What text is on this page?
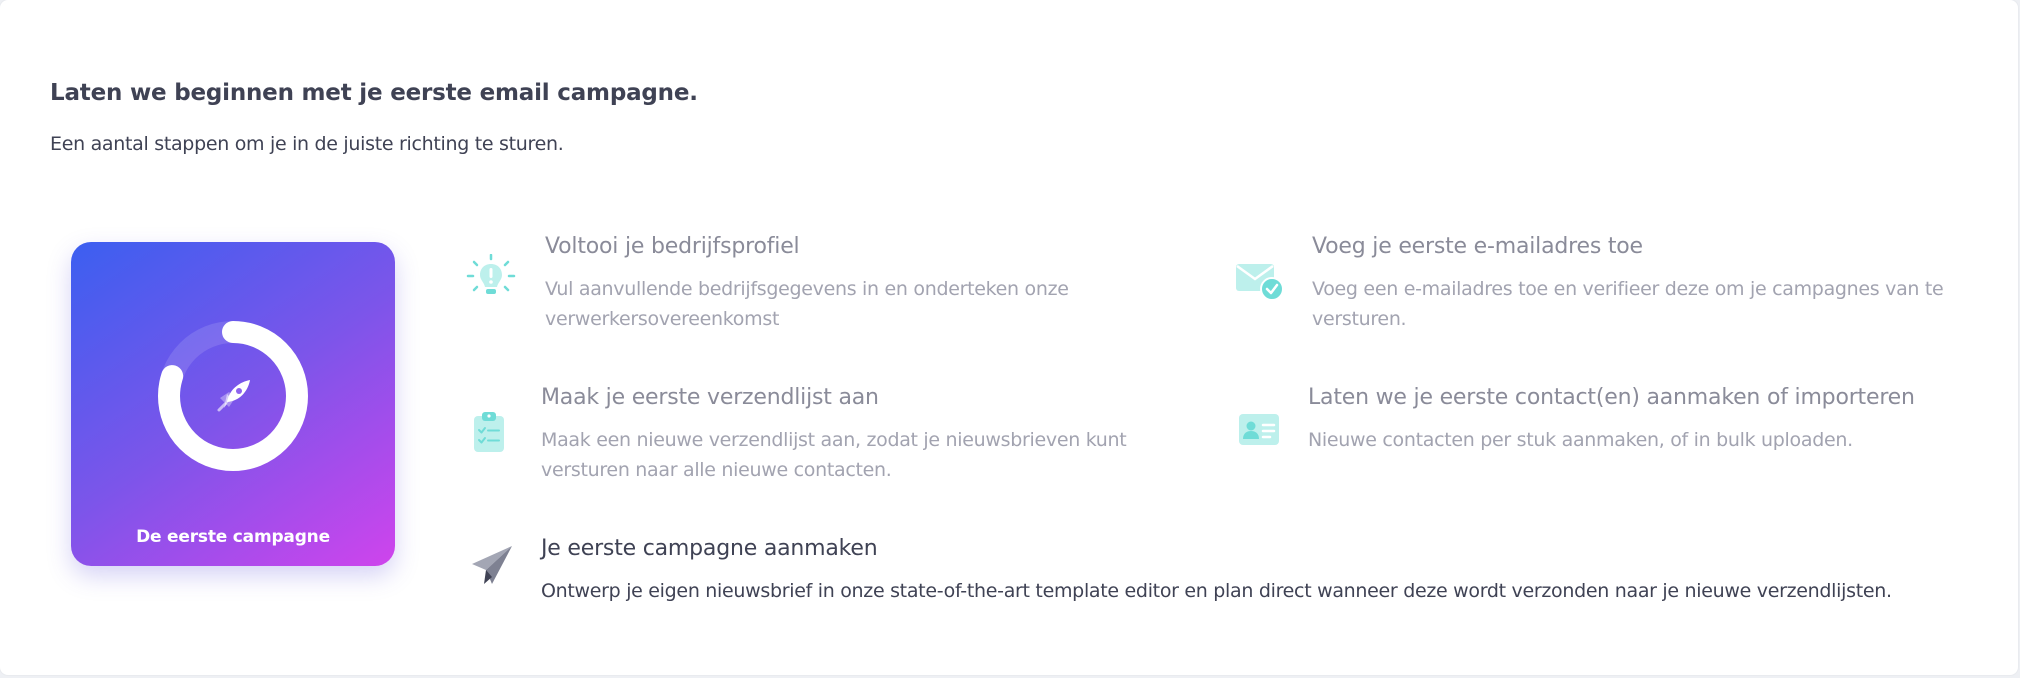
Laten we beginnen met je eerste email campagne.
Een aantal stappen om je in de juiste richting te sturen.
De eerste campagne
Voltooi je bedrijfsprofiel
Vul aanvullende bedrijfsgegevens in en onderteken onze verwerkersovereenkomst
Voeg je eerste e-mailadres toe
Voeg een e-mailadres toe en verifieer deze om je campagnes van te versturen.
Maak je eerste verzendlijst aan
Maak een nieuwe verzendlijst aan, zodat je nieuwsbrieven kunt versturen naar alle nieuwe contacten.
Laten we je eerste contact(en) aanmaken of importeren
Nieuwe contacten per stuk aanmaken, of in bulk uploaden.
Je eerste campagne aanmaken
Ontwerp je eigen nieuwsbrief in onze state-of-the-art template editor en plan direct wanneer deze wordt verzonden naar je nieuwe verzendlijsten.
